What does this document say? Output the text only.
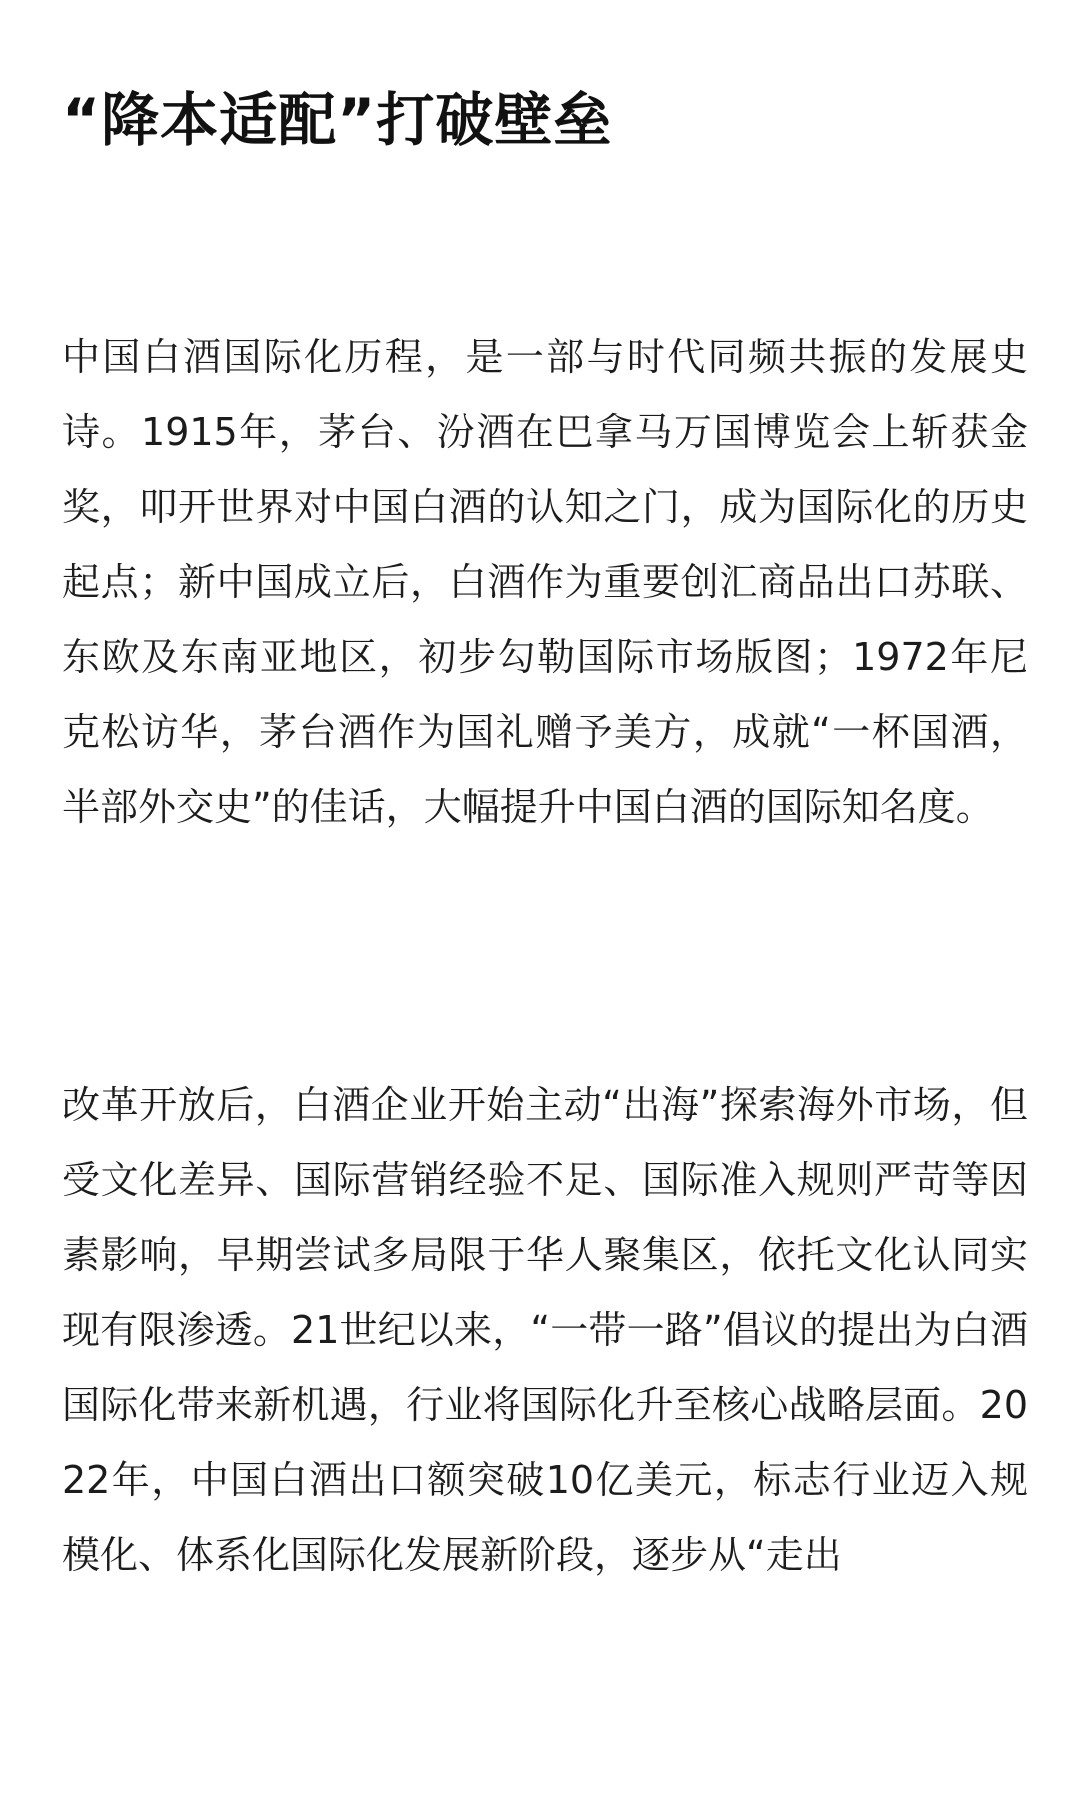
“降本适配”打破壁垒

中国白酒国际化历程，是一部与时代同频共振的发展史诗。1915年，茅台、汾酒在巴拿马万国博览会上斩获金奖，叩开世界对中国白酒的认知之门，成为国际化的历史起点；新中国成立后，白酒作为重要创汇商品出口苏联、东欧及东南亚地区，初步勾勒国际市场版图；1972年尼克松访华，茅台酒作为国礼赠予美方，成就“一杯国酒，半部外交史”的佳话，大幅提升中国白酒的国际知名度。

改革开放后，白酒企业开始主动“出海”探索海外市场，但受文化差异、国际营销经验不足、国际准入规则严苛等因素影响，早期尝试多局限于华人聚集区，依托文化认同实现有限渗透。21世纪以来，“一带一路”倡议的提出为白酒国际化带来新机遇，行业将国际化升至核心战略层面。2022年，中国白酒出口额突破10亿美元，标志行业迈入规模化、体系化国际化发展新阶段，逐步从“走出
